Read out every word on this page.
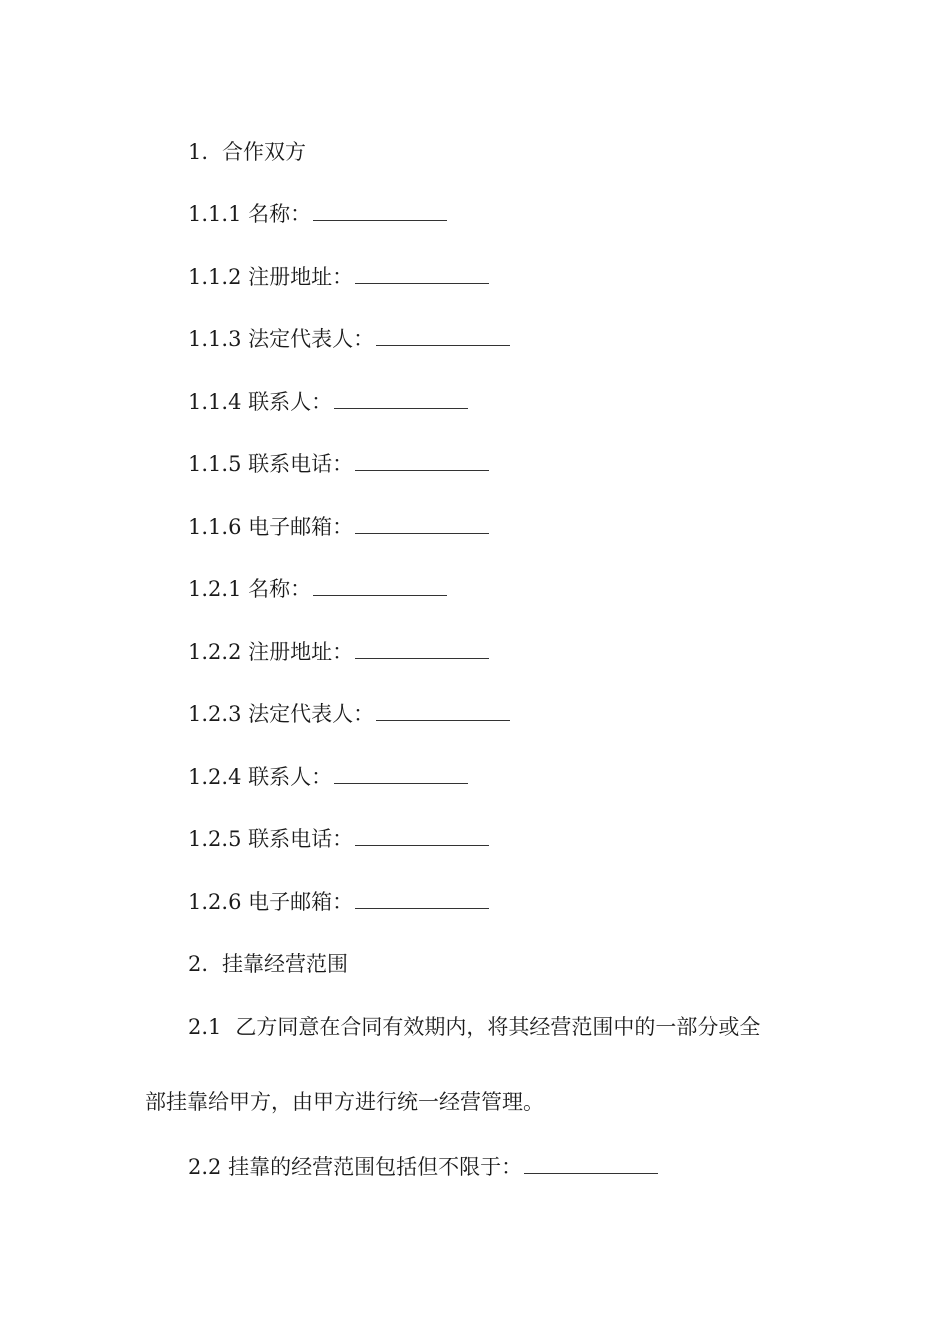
1. 合作双方
1.1.1 名称：
1.1.2 注册地址：
1.1.3 法定代表人：
1.1.4 联系人：
1.1.5 联系电话：
1.1.6 电子邮箱：
1.2.1 名称：
1.2.2 注册地址：
1.2.3 法定代表人：
1.2.4 联系人：
1.2.5 联系电话：
1.2.6 电子邮箱：
2. 挂靠经营范围
2.1 乙方同意在合同有效期内，将其经营范围中的一部分或全
部挂靠给甲方，由甲方进行统一经营管理。
2.2 挂靠的经营范围包括但不限于：
